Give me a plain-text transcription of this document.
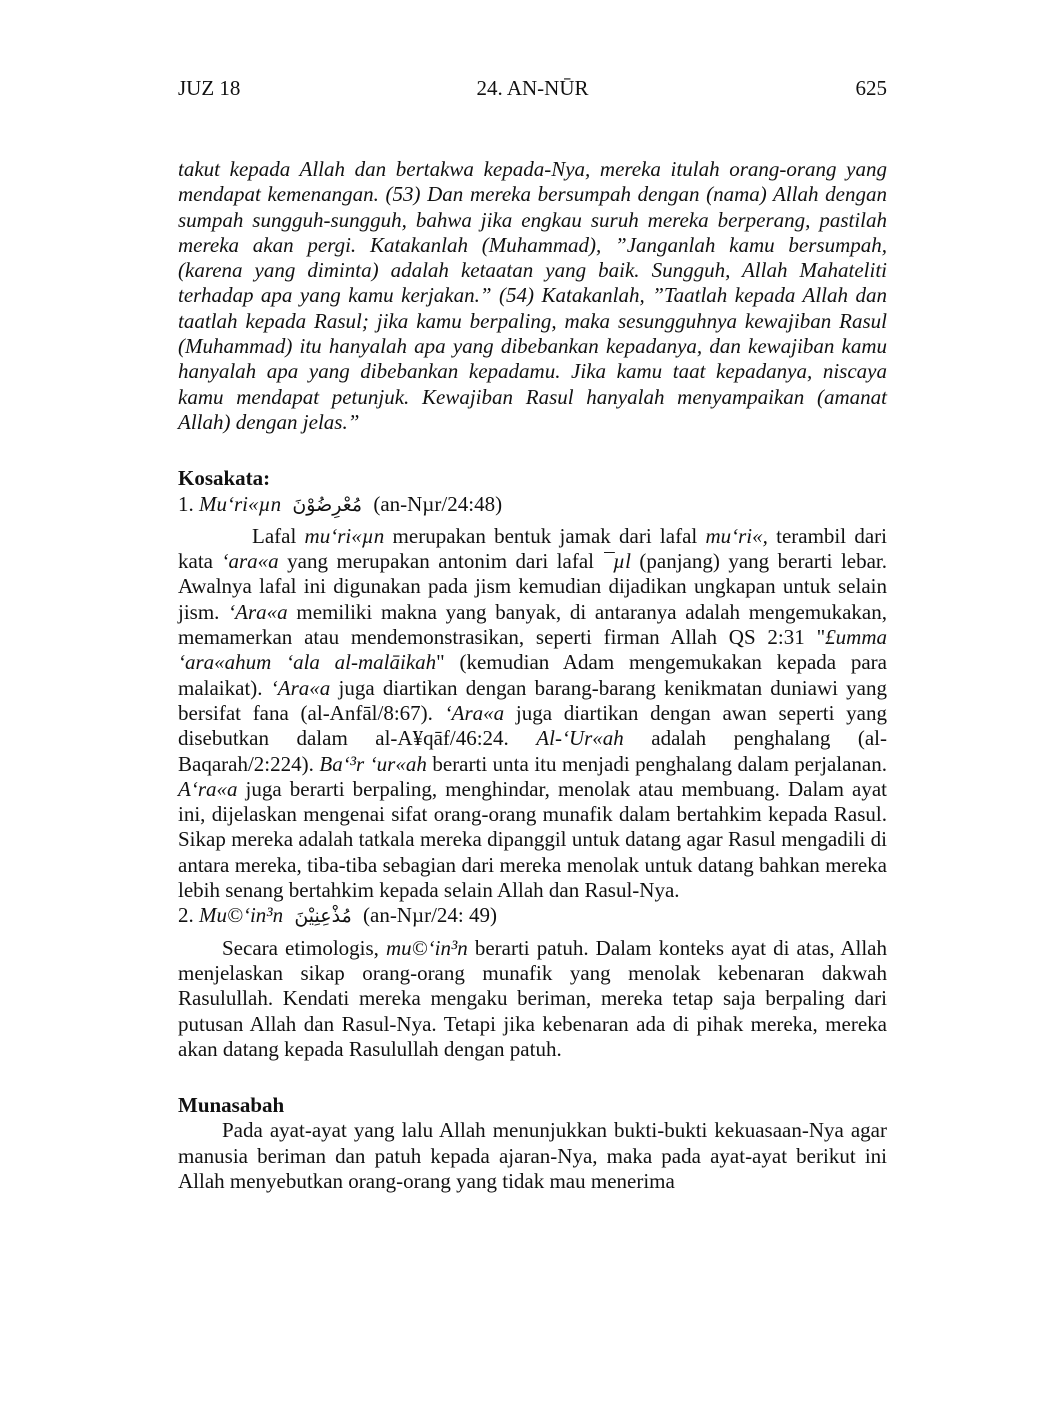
JUZ 18	24. AN-NŪR	625

takut kepada Allah dan bertakwa kepada-Nya, mereka itulah orang-orang yang mendapat kemenangan. (53) Dan mereka bersumpah dengan (nama) Allah dengan sumpah sungguh-sungguh, bahwa jika engkau suruh mereka berperang, pastilah mereka akan pergi. Katakanlah (Muhammad), ”Janganlah kamu bersumpah, (karena yang diminta) adalah ketaatan yang baik. Sungguh, Allah Mahateliti terhadap apa yang kamu kerjakan.” (54) Katakanlah, ”Taatlah kepada Allah dan taatlah kepada Rasul; jika kamu berpaling, maka sesungguhnya kewajiban Rasul (Muhammad) itu hanyalah apa yang dibebankan kepadanya, dan kewajiban kamu hanyalah apa yang dibebankan kepadamu. Jika kamu taat kepadanya, niscaya kamu mendapat petunjuk. Kewajiban Rasul hanyalah menyampaikan (amanat Allah) dengan jelas.”

Kosakata:

1. Mu‘ri«µn مُعْرِضُوْنَ (an-Nµr/24:48)

Lafal mu‘ri«µn merupakan bentuk jamak dari lafal mu‘ri«, terambil dari kata ‘ara«a yang merupakan antonim dari lafal ¯µl (panjang) yang berarti lebar. Awalnya lafal ini digunakan pada jism kemudian dijadikan ungkapan untuk selain jism. ‘Ara«a memiliki makna yang banyak, di antaranya adalah mengemukakan, memamerkan atau mendemonstrasikan, seperti firman Allah QS 2:31 "£umma ‘ara«ahum ‘ala al-malāikah" (kemudian Adam mengemukakan kepada para malaikat). ‘Ara«a juga diartikan dengan barang-barang kenikmatan duniawi yang bersifat fana (al-Anfāl/8:67). ‘Ara«a juga diartikan dengan awan seperti yang disebutkan dalam al-A¥qāf/46:24. Al-‘Ur«ah adalah penghalang (al-Baqarah/2:224). Ba‘³r ‘ur«ah berarti unta itu menjadi penghalang dalam perjalanan. A‘ra«a juga berarti berpaling, menghindar, menolak atau membuang. Dalam ayat ini, dijelaskan mengenai sifat orang-orang munafik dalam bertahkim kepada Rasul. Sikap mereka adalah tatkala mereka dipanggil untuk datang agar Rasul mengadili di antara mereka, tiba-tiba sebagian dari mereka menolak untuk datang bahkan mereka lebih senang bertahkim kepada selain Allah dan Rasul-Nya.

2. Mu©‘in³n مُذْعِنِيْنَ (an-Nµr/24: 49)

Secara etimologis, mu©‘in³n berarti patuh. Dalam konteks ayat di atas, Allah menjelaskan sikap orang-orang munafik yang menolak kebenaran dakwah Rasulullah. Kendati mereka mengaku beriman, mereka tetap saja berpaling dari putusan Allah dan Rasul-Nya. Tetapi jika kebenaran ada di pihak mereka, mereka akan datang kepada Rasulullah dengan patuh.

Munasabah

Pada ayat-ayat yang lalu Allah menunjukkan bukti-bukti kekuasaan-Nya agar manusia beriman dan patuh kepada ajaran-Nya, maka pada ayat-ayat berikut ini Allah menyebutkan orang-orang yang tidak mau menerima
